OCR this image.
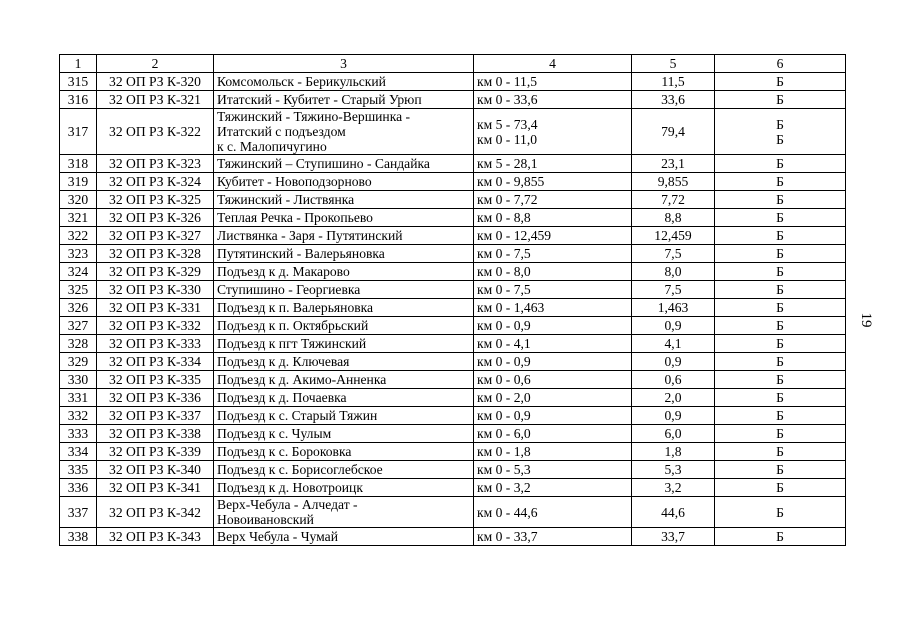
1	2	3	4	5	6
315	32 ОП РЗ К-320	Комсомольск - Берикульский	км 0 - 11,5	11,5	Б

316	32 ОП РЗ К-321	Итатский - Кубитет - Старый Урюп	км 0 - 33,6	33,6	Б

317	32 ОП РЗ К-322	Тяжинский - Тяжино-Вершинка -
Итатский с подъездом
к с. Малопичугино	км 5 - 73,4
км 0 - 11,0	79,4	Б
Б

318	32 ОП РЗ К-323	Тяжинский – Ступишино - Сандайка	км 5 - 28,1	23,1	Б

319	32 ОП РЗ К-324	Кубитет - Новоподзорново	км 0 - 9,855	9,855	Б

320	32 ОП РЗ К-325	Тяжинский - Листвянка	км 0 - 7,72	7,72	Б

321	32 ОП РЗ К-326	Теплая Речка - Прокопьево	км 0 - 8,8	8,8	Б

322	32 ОП РЗ К-327	Листвянка - Заря - Путятинский	км 0 - 12,459	12,459	Б

323	32 ОП РЗ К-328	Путятинский - Валерьяновка	км 0 - 7,5	7,5	Б

324	32 ОП РЗ К-329	Подъезд к д. Макарово	км 0 - 8,0	8,0	Б

325	32 ОП РЗ К-330	Ступишино - Георгиевка	км 0 - 7,5	7,5	Б

326	32 ОП РЗ К-331	Подъезд к п. Валерьяновка	км 0 - 1,463	1,463	Б

327	32 ОП РЗ К-332	Подъезд к п. Октябрьский	км 0 - 0,9	0,9	Б

328	32 ОП РЗ К-333	Подъезд к пгт Тяжинский	км 0 - 4,1	4,1	Б

329	32 ОП РЗ К-334	Подъезд к д. Ключевая	км 0 - 0,9	0,9	Б

330	32 ОП РЗ К-335	Подъезд к д. Акимо-Анненка	км 0 - 0,6	0,6	Б

331	32 ОП РЗ К-336	Подъезд к д. Почаевка	км 0 - 2,0	2,0	Б

332	32 ОП РЗ К-337	Подъезд к с. Старый Тяжин	км 0 - 0,9	0,9	Б

333	32 ОП РЗ К-338	Подъезд к с. Чулым	км 0 - 6,0	6,0	Б

334	32 ОП РЗ К-339	Подъезд к с. Бороковка	км 0 - 1,8	1,8	Б

335	32 ОП РЗ К-340	Подъезд к с. Борисоглебское	км 0 - 5,3	5,3	Б

336	32 ОП РЗ К-341	Подъезд к д. Новотроицк	км 0 - 3,2	3,2	Б

337	32 ОП РЗ К-342	Верх-Чебула - Алчедат -
Новоивановский	км 0 - 44,6	44,6	Б

338	32 ОП РЗ К-343	Верх Чебула - Чумай	км 0 - 33,7	33,7	Б
19
